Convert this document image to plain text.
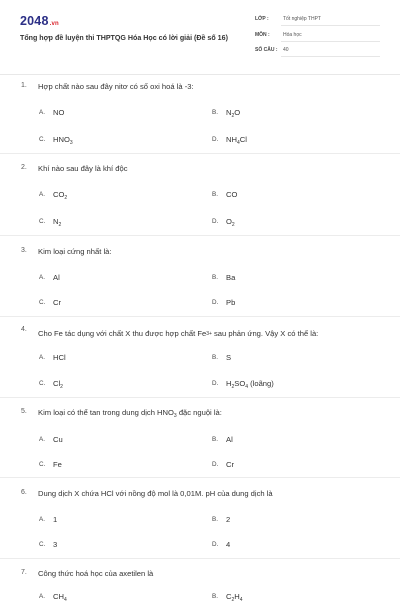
2048.vn
Tổng hợp đề luyện thi THPTQG Hóa Học có lời giải (Đề số 16)
LỚP :	Tốt nghiệp THPT
MÔN :	Hóa học
SỐ CÂU : 40
1. Hợp chất nào sau đây nitơ có số oxi hoá là -3:
A. NO	B. $N_2O$
C. $HNO_3$	D. $NH_4Cl$
2. Khí nào sau đây là khí độc
A. $CO_2$	B. CO
C. $N_2$	D. $O_2$
3. Kim loại cứng nhất là:
A. Al	B. Ba
C. Cr	D. Pb
4. Cho Fe tác dụng với chất X thu được hợp chất $Fe^{3+}$ sau phản ứng. Vậy X có thể là:
A. HCl	B. S
C. $Cl_2$	D. $H_2SO_4$ (loãng)
5. Kim loại có thể tan trong dung dịch $HNO_3$ đặc nguội là:
A. Cu	B. Al
C. Fe	D. Cr
6. Dung dịch X chứa HCl với nồng độ mol là 0,01M. pH của dung dịch là
A. 1	B. 2
C. 3	D. 4
7. Công thức hoá học của axetilen là
A. $CH_4$	B. $C_2H_4$
